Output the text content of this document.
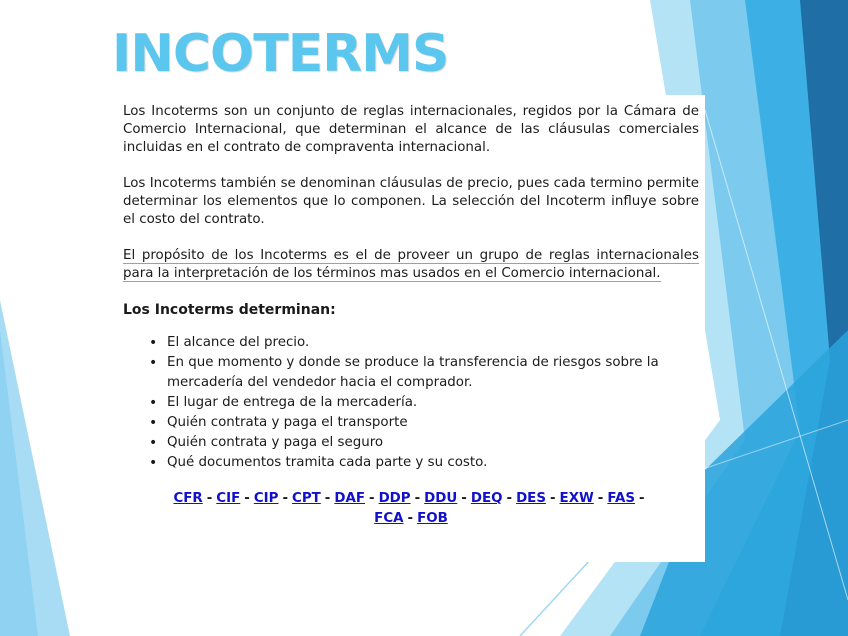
INCOTERMS

Los Incoterms son un conjunto de reglas internacionales, regidos por la Cámara de Comercio Internacional, que determinan el alcance de las cláusulas comerciales incluidas en el contrato de compraventa internacional.

Los Incoterms también se denominan cláusulas de precio, pues cada termino permite determinar los elementos que lo componen. La selección del Incoterm influye sobre el costo del contrato.

El propósito de los Incoterms es el de proveer un grupo de reglas internacionales para la interpretación de los términos mas usados en el Comercio internacional.

Los Incoterms determinan:

• El alcance del precio.
• En que momento y donde se produce la transferencia de riesgos sobre la mercadería del vendedor hacia el comprador.
• El lugar de entrega de la mercadería.
• Quién contrata y paga el transporte
• Quién contrata y paga el seguro
• Qué documentos tramita cada parte y su costo.
CFR - CIF - CIP - CPT - DAF - DDP - DDU - DEQ - DES - EXW - FAS -
FCA - FOB
